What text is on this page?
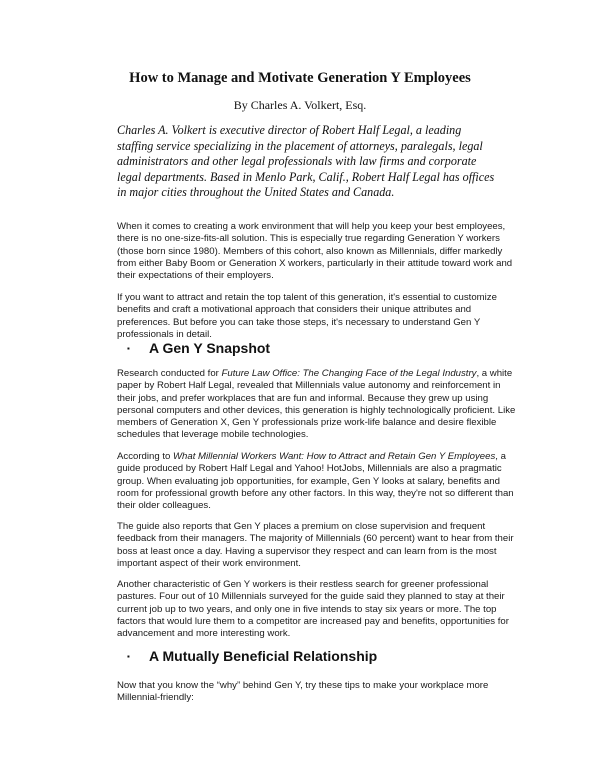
How to Manage and Motivate Generation Y Employees
By Charles A. Volkert, Esq.

Charles A. Volkert is executive director of Robert Half Legal, a leading staffing service specializing in the placement of attorneys, paralegals, legal administrators and other legal professionals with law firms and corporate legal departments. Based in Menlo Park, Calif., Robert Half Legal has offices in major cities throughout the United States and Canada.

When it comes to creating a work environment that will help you keep your best employees, there is no one-size-fits-all solution. This is especially true regarding Generation Y workers (those born since 1980). Members of this cohort, also known as Millennials, differ markedly from either Baby Boom or Generation X workers, particularly in their attitude toward work and their expectations of their employers.

If you want to attract and retain the top talent of this generation, it's essential to customize benefits and craft a motivational approach that considers their unique attributes and preferences. But before you can take those steps, it's necessary to understand Gen Y professionals in detail.

▪	A Gen Y Snapshot

Research conducted for Future Law Office: The Changing Face of the Legal Industry, a white paper by Robert Half Legal, revealed that Millennials value autonomy and reinforcement in their jobs, and prefer workplaces that are fun and informal. Because they grew up using personal computers and other devices, this generation is highly technologically proficient. Like members of Generation X, Gen Y professionals prize work-life balance and desire flexible schedules that leverage mobile technologies.

According to What Millennial Workers Want: How to Attract and Retain Gen Y Employees, a guide produced by Robert Half Legal and Yahoo! HotJobs, Millennials are also a pragmatic group. When evaluating job opportunities, for example, Gen Y looks at salary, benefits and room for professional growth before any other factors. In this way, they're not so different than their older colleagues.

The guide also reports that Gen Y places a premium on close supervision and frequent feedback from their managers. The majority of Millennials (60 percent) want to hear from their boss at least once a day. Having a supervisor they respect and can learn from is the most important aspect of their work environment.

Another characteristic of Gen Y workers is their restless search for greener professional pastures. Four out of 10 Millennials surveyed for the guide said they planned to stay at their current job up to two years, and only one in five intends to stay six years or more. The top factors that would lure them to a competitor are increased pay and benefits, opportunities for advancement and more interesting work.

▪	A Mutually Beneficial Relationship

Now that you know the “why” behind Gen Y, try these tips to make your workplace more Millennial-friendly:
